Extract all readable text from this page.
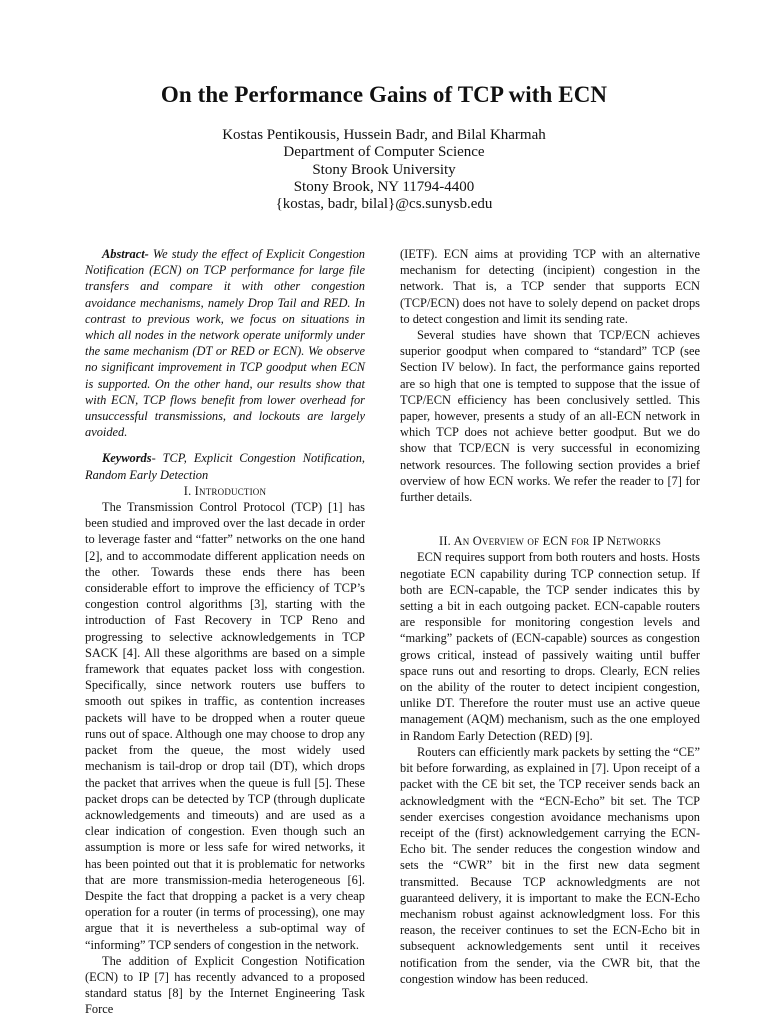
On the Performance Gains of TCP with ECN
Kostas Pentikousis, Hussein Badr, and Bilal Kharmah
Department of Computer Science
Stony Brook University
Stony Brook, NY 11794-4400
{kostas, badr, bilal}@cs.sunysb.edu

Abstract- We study the effect of Explicit Congestion Notification (ECN) on TCP performance for large file transfers and compare it with other congestion avoidance mechanisms, namely Drop Tail and RED. In contrast to previous work, we focus on situations in which all nodes in the network operate uniformly under the same mechanism (DT or RED or ECN). We observe no significant improvement in TCP goodput when ECN is supported. On the other hand, our results show that with ECN, TCP flows benefit from lower overhead for unsuccessful transmissions, and lockouts are largely avoided.

Keywords- TCP, Explicit Congestion Notification, Random Early Detection

I. Introduction

The Transmission Control Protocol (TCP) [1] has been studied and improved over the last decade in order to leverage faster and “fatter” networks on the one hand [2], and to accommodate different application needs on the other. Towards these ends there has been considerable effort to improve the efficiency of TCP’s congestion control algorithms [3], starting with the introduction of Fast Recovery in TCP Reno and progressing to selective acknowledgements in TCP SACK [4]. All these algorithms are based on a simple framework that equates packet loss with congestion. Specifically, since network routers use buffers to smooth out spikes in traffic, as contention increases packets will have to be dropped when a router queue runs out of space. Although one may choose to drop any packet from the queue, the most widely used mechanism is tail-drop or drop tail (DT), which drops the packet that arrives when the queue is full [5]. These packet drops can be detected by TCP (through duplicate acknowledgements and timeouts) and are used as a clear indication of congestion. Even though such an assumption is more or less safe for wired networks, it has been pointed out that it is problematic for networks that are more transmission-media heterogeneous [6]. Despite the fact that dropping a packet is a very cheap operation for a router (in terms of processing), one may argue that it is nevertheless a sub-optimal way of “informing” TCP senders of congestion in the network.

The addition of Explicit Congestion Notification (ECN) to IP [7] has recently advanced to a proposed standard status [8] by the Internet Engineering Task Force

(IETF). ECN aims at providing TCP with an alternative mechanism for detecting (incipient) congestion in the network. That is, a TCP sender that supports ECN (TCP/ECN) does not have to solely depend on packet drops to detect congestion and limit its sending rate.

Several studies have shown that TCP/ECN achieves superior goodput when compared to “standard” TCP (see Section IV below). In fact, the performance gains reported are so high that one is tempted to suppose that the issue of TCP/ECN efficiency has been conclusively settled. This paper, however, presents a study of an all-ECN network in which TCP does not achieve better goodput. But we do show that TCP/ECN is very successful in economizing network resources. The following section provides a brief overview of how ECN works. We refer the reader to [7] for further details.

II. An Overview of ECN for IP Networks

ECN requires support from both routers and hosts. Hosts negotiate ECN capability during TCP connection setup. If both are ECN-capable, the TCP sender indicates this by setting a bit in each outgoing packet. ECN-capable routers are responsible for monitoring congestion levels and “marking” packets of (ECN-capable) sources as congestion grows critical, instead of passively waiting until buffer space runs out and resorting to drops. Clearly, ECN relies on the ability of the router to detect incipient congestion, unlike DT. Therefore the router must use an active queue management (AQM) mechanism, such as the one employed in Random Early Detection (RED) [9].

Routers can efficiently mark packets by setting the “CE” bit before forwarding, as explained in [7]. Upon receipt of a packet with the CE bit set, the TCP receiver sends back an acknowledgment with the “ECN-Echo” bit set. The TCP sender exercises congestion avoidance mechanisms upon receipt of the (first) acknowledgement carrying the ECN-Echo bit. The sender reduces the congestion window and sets the “CWR” bit in the first new data segment transmitted. Because TCP acknowledgments are not guaranteed delivery, it is important to make the ECN-Echo mechanism robust against acknowledgment loss. For this reason, the receiver continues to set the ECN-Echo bit in subsequent acknowledgements sent until it receives notification from the sender, via the CWR bit, that the congestion window has been reduced.
